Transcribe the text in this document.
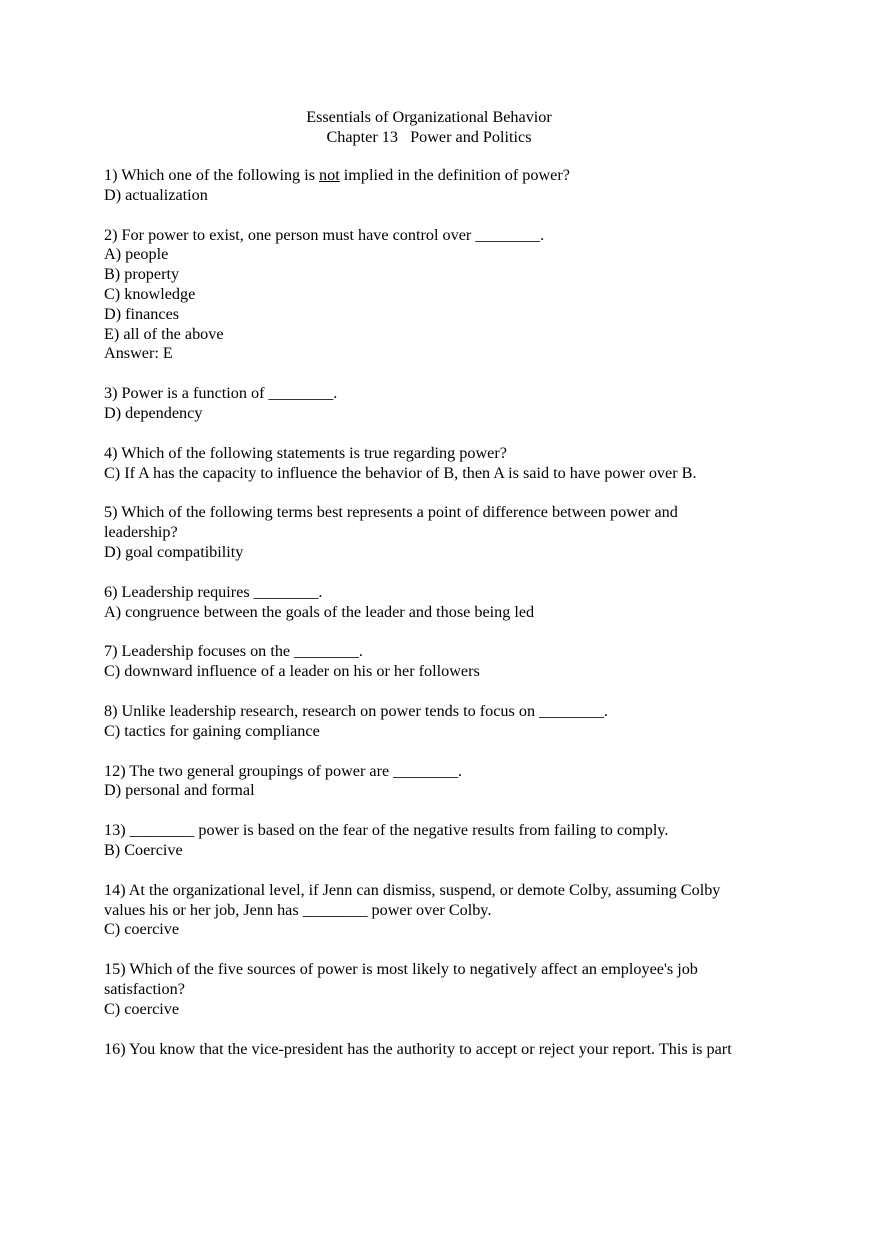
Essentials of Organizational Behavior
Chapter 13   Power and Politics
1) Which one of the following is not implied in the definition of power?
D) actualization
2) For power to exist, one person must have control over ________.
A) people
B) property
C) knowledge
D) finances
E) all of the above
Answer: E
3) Power is a function of ________.
D) dependency
4) Which of the following statements is true regarding power?
C) If A has the capacity to influence the behavior of B, then A is said to have power over B.
5) Which of the following terms best represents a point of difference between power and
leadership?
D) goal compatibility
6) Leadership requires ________.
A) congruence between the goals of the leader and those being led
7) Leadership focuses on the ________.
C) downward influence of a leader on his or her followers
8) Unlike leadership research, research on power tends to focus on ________.
C) tactics for gaining compliance
12) The two general groupings of power are ________.
D) personal and formal
13) ________ power is based on the fear of the negative results from failing to comply.
B) Coercive
14) At the organizational level, if Jenn can dismiss, suspend, or demote Colby, assuming Colby
values his or her job, Jenn has ________ power over Colby.
C) coercive
15) Which of the five sources of power is most likely to negatively affect an employee's job
satisfaction?
C) coercive
16) You know that the vice-president has the authority to accept or reject your report. This is part
